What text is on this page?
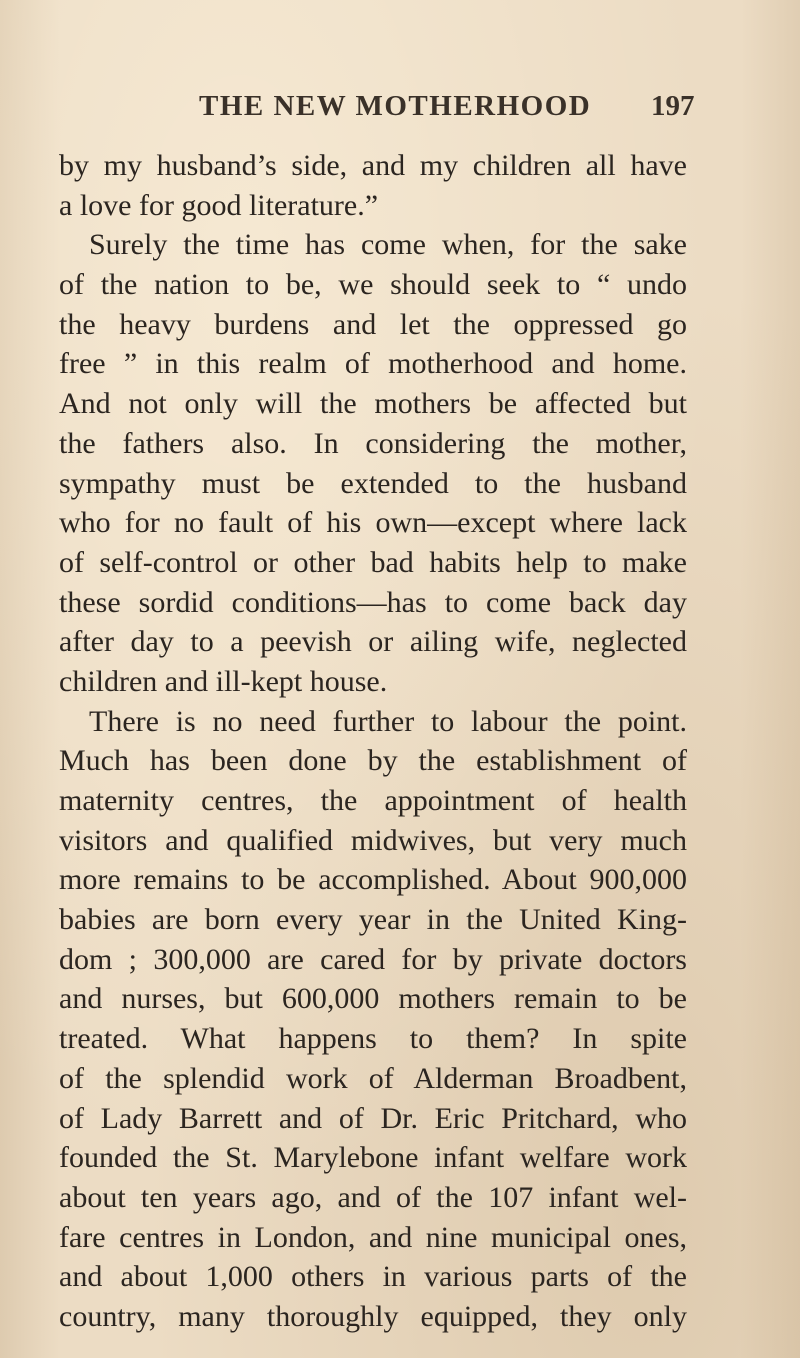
THE NEW MOTHERHOOD 197
by my husband’s side, and my children all have
a love for good literature.”
Surely the time has come when, for the sake
of the nation to be, we should seek to “ undo
the heavy burdens and let the oppressed go
free ” in this realm of motherhood and home.
And not only will the mothers be affected but
the fathers also. In considering the mother,
sympathy must be extended to the husband
who for no fault of his own—except where lack
of self-control or other bad habits help to make
these sordid conditions—has to come back day
after day to a peevish or ailing wife, neglected
children and ill-kept house.
There is no need further to labour the point.
Much has been done by the establishment of
maternity centres, the appointment of health
visitors and qualified midwives, but very much
more remains to be accomplished. About 900,000
babies are born every year in the United King-
dom ; 300,000 are cared for by private doctors
and nurses, but 600,000 mothers remain to be
treated. What happens to them? In spite
of the splendid work of Alderman Broadbent,
of Lady Barrett and of Dr. Eric Pritchard, who
founded the St. Marylebone infant welfare work
about ten years ago, and of the 107 infant wel-
fare centres in London, and nine municipal ones,
and about 1,000 others in various parts of the
country, many thoroughly equipped, they only
